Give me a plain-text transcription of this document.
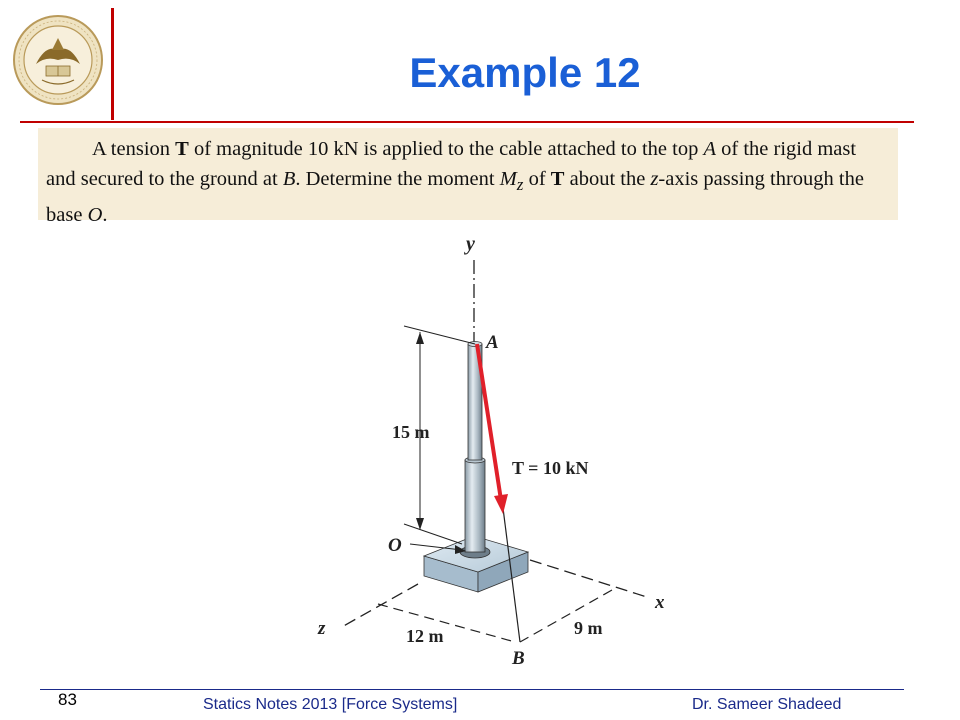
Example 12
A tension T of magnitude 10 kN is applied to the cable attached to the top A of the rigid mast and secured to the ground at B. Determine the moment $M_z$ of T about the z-axis passing through the base O.
y
A
15 m
T = 10 kN
O
x
z	12 m	9 m
B
83	Statics Notes 2013 [Force Systems]	Dr. Sameer Shadeed
